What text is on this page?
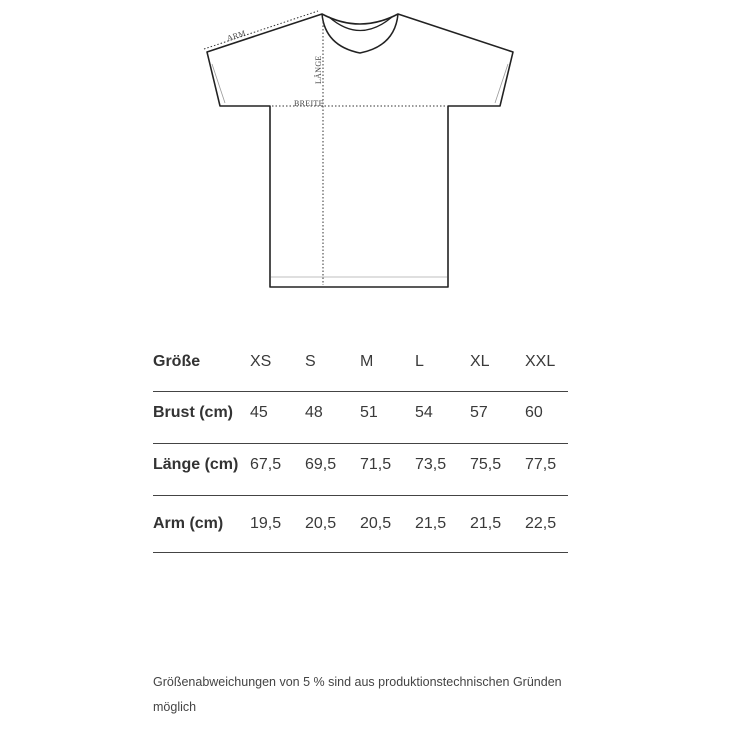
ARM
LÄNGE
BREITE
Größe	XS	S	M	L	XL	XXL
Brust (cm)	45	48	51	54	57	60
Länge (cm) 67,5	69,5	71,5	73,5	75,5	77,5
Arm (cm)	19,5	20,5	20,5	21,5	21,5	22,5
Größenabweichungen von 5 % sind aus produktionstechnischen Gründen möglich
